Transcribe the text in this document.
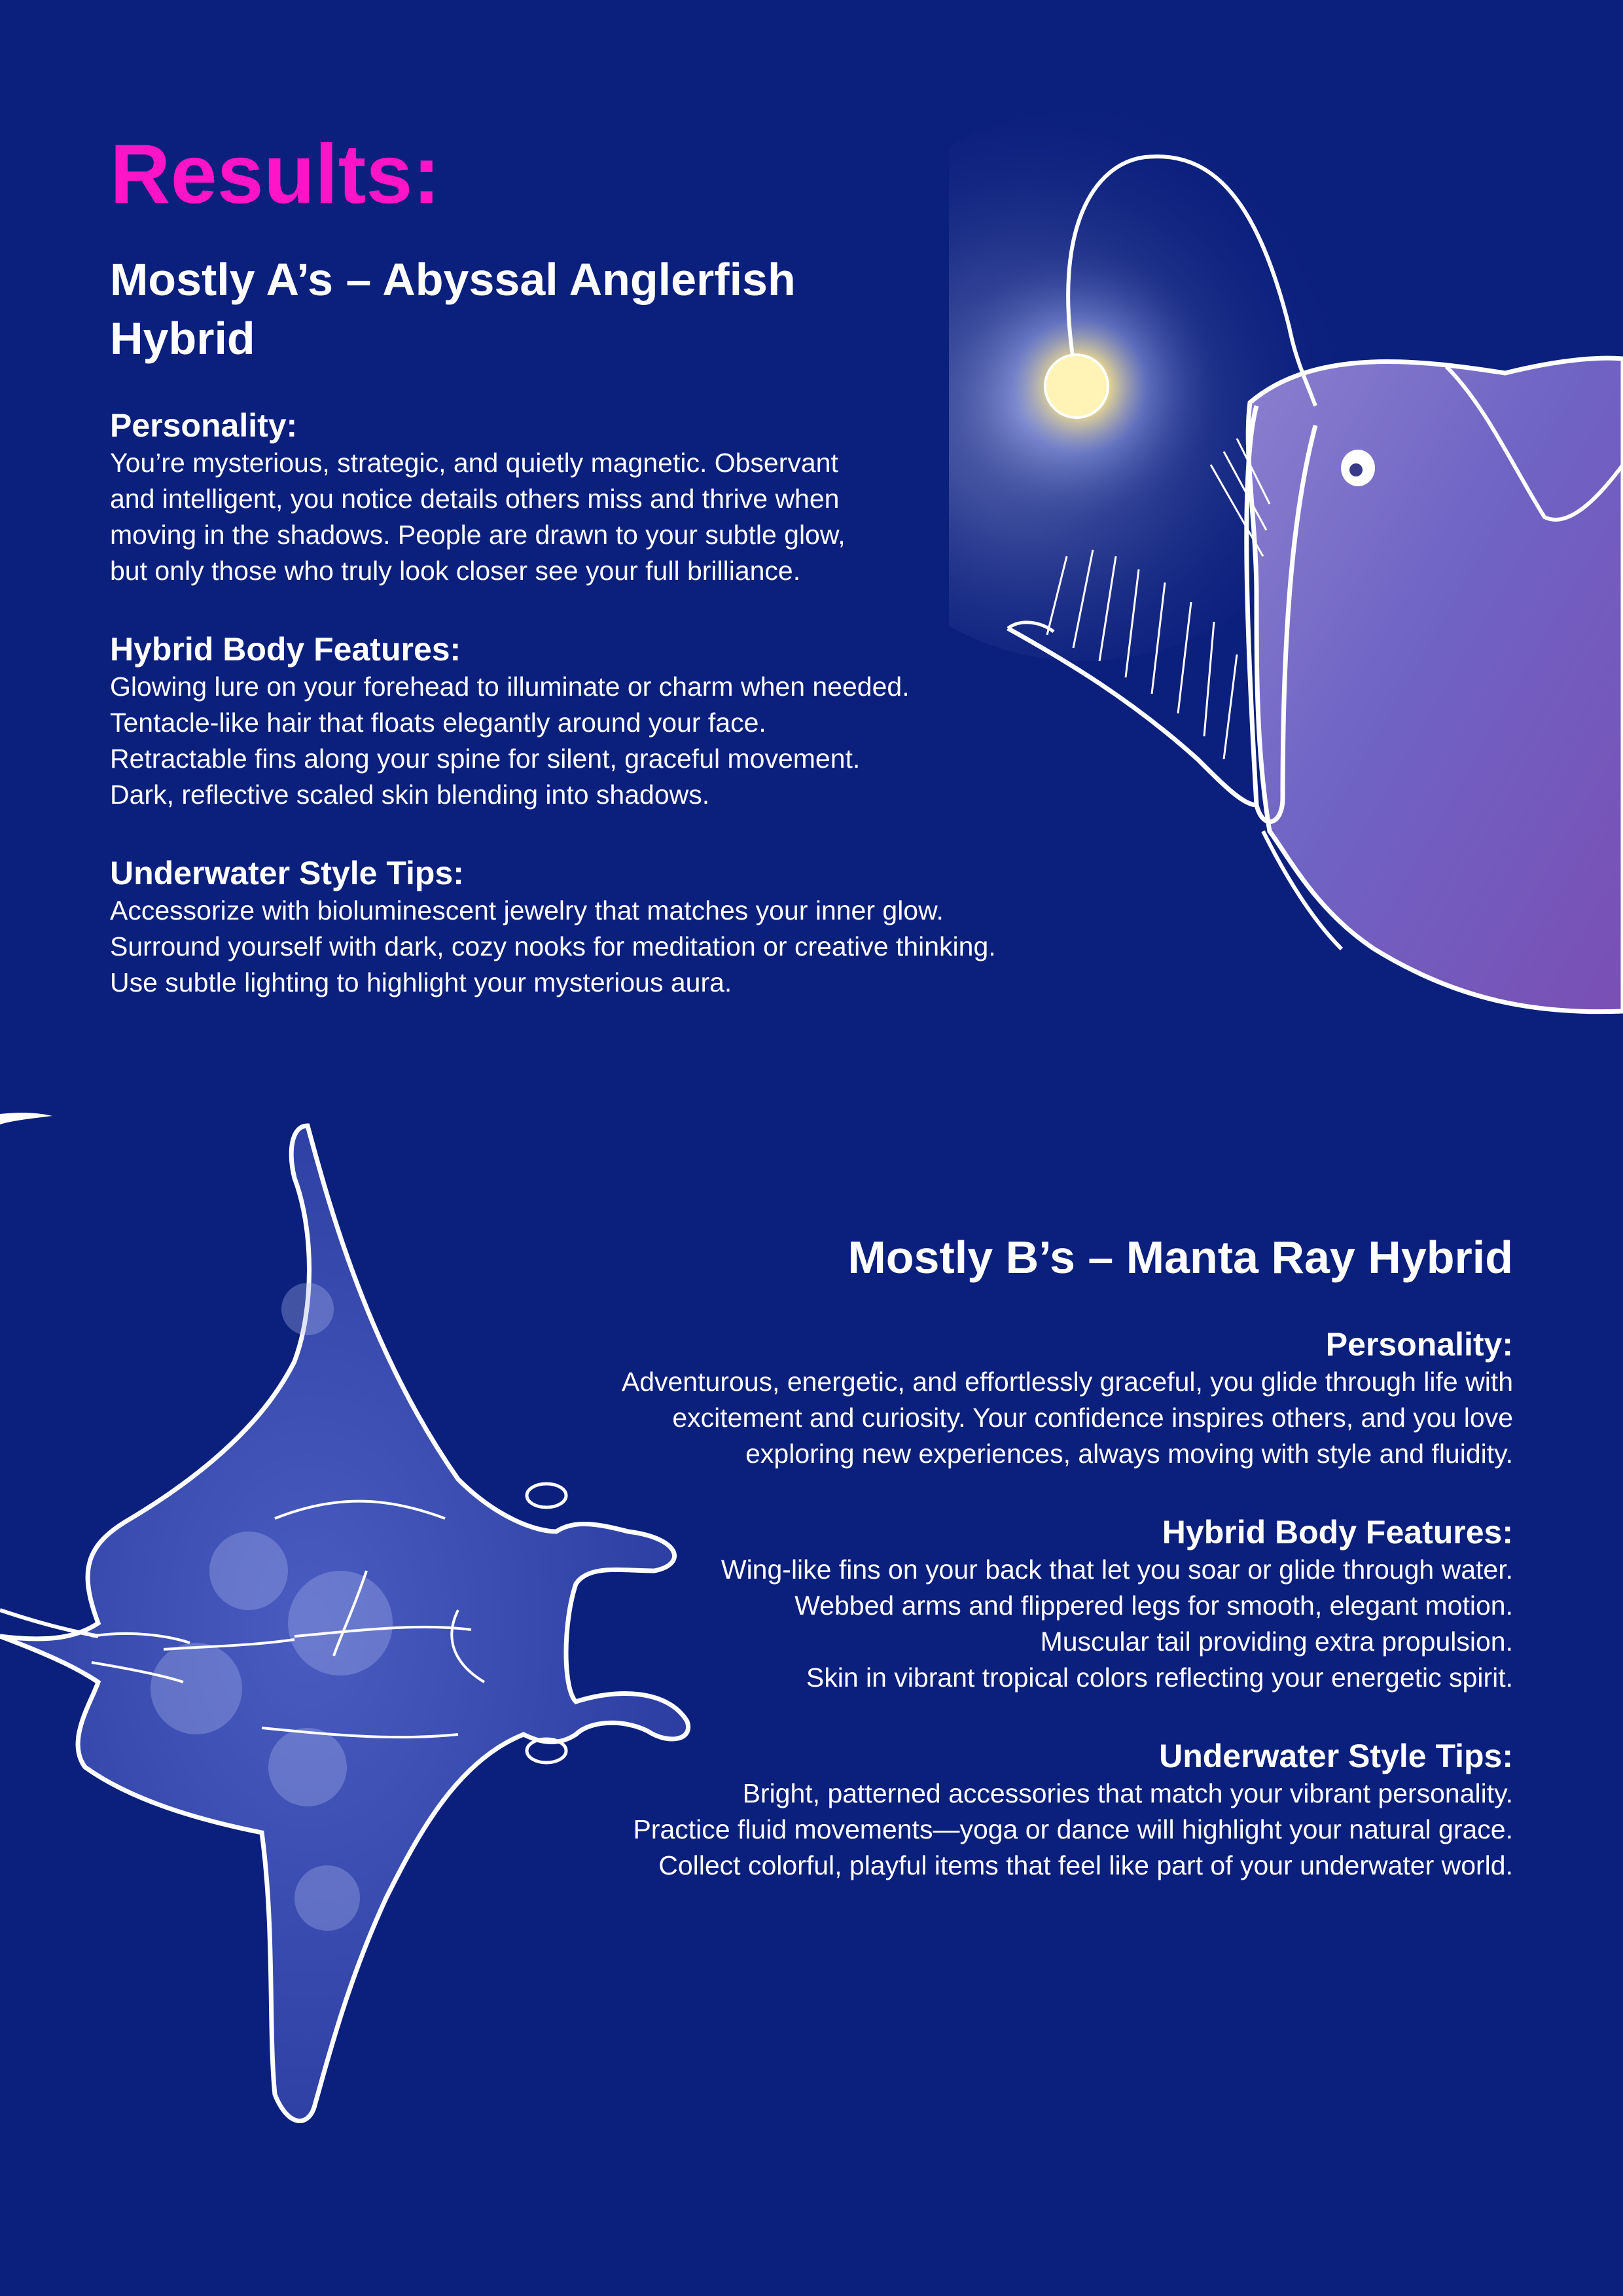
Results:
Mostly A’s – Abyssal Anglerfish Hybrid
Personality:
You’re mysterious, strategic, and quietly magnetic. Observant and intelligent, you notice details others miss and thrive when moving in the shadows. People are drawn to your subtle glow, but only those who truly look closer see your full brilliance.
Hybrid Body Features:
Glowing lure on your forehead to illuminate or charm when needed.
Tentacle-like hair that floats elegantly around your face.
Retractable fins along your spine for silent, graceful movement.
Dark, reflective scaled skin blending into shadows.
Underwater Style Tips:
Accessorize with bioluminescent jewelry that matches your inner glow.
Surround yourself with dark, cozy nooks for meditation or creative thinking.
Use subtle lighting to highlight your mysterious aura.
Mostly B’s – Manta Ray Hybrid
Personality:
Adventurous, energetic, and effortlessly graceful, you glide through life with excitement and curiosity. Your confidence inspires others, and you love exploring new experiences, always moving with style and fluidity.
Hybrid Body Features:
Wing-like fins on your back that let you soar or glide through water.
Webbed arms and flippered legs for smooth, elegant motion.
Muscular tail providing extra propulsion.
Skin in vibrant tropical colors reflecting your energetic spirit.
Underwater Style Tips:
Bright, patterned accessories that match your vibrant personality.
Practice fluid movements—yoga or dance will highlight your natural grace.
Collect colorful, playful items that feel like part of your underwater world.
